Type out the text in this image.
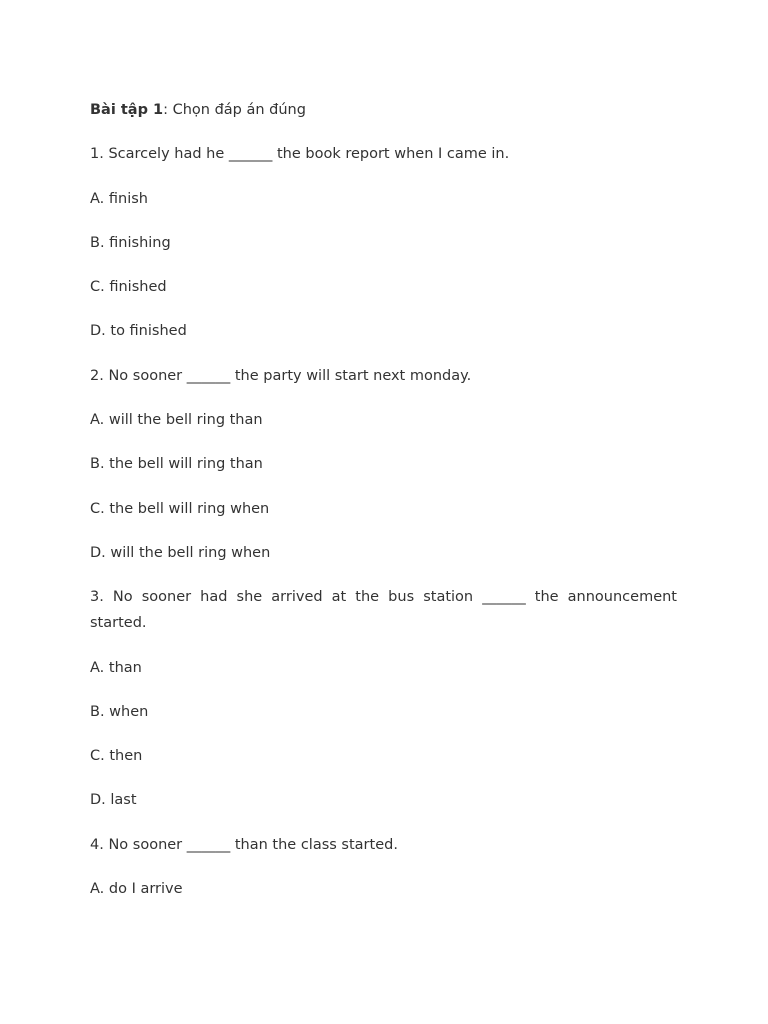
Bài tập 1: Chọn đáp án đúng

1. Scarcely had he ______ the book report when I came in.

A. finish

B. finishing

C. finished

D. to finished

2. No sooner ______ the party will start next monday.

A. will the bell ring than

B. the bell will ring than

C. the bell will ring when

D. will the bell ring when

3. No sooner had she arrived at the bus station ______ the announcement started.

A. than

B. when

C. then

D. last

4. No sooner ______ than the class started.

A. do I arrive
